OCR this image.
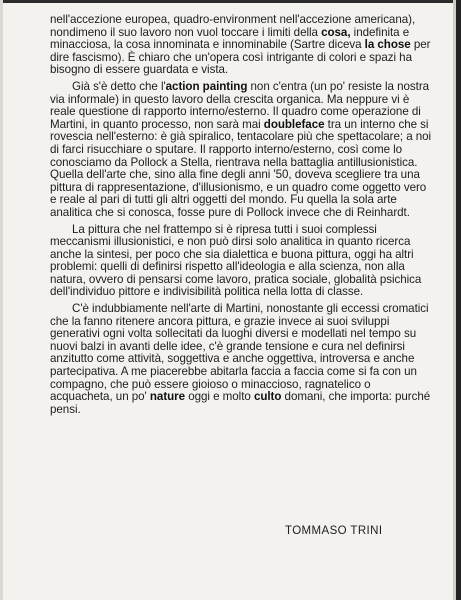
nell'accezione europea, quadro-environment nell'accezione americana), nondimeno il suo lavoro non vuol toccare i limiti della cosa, indefinita e minacciosa, la cosa innominata e innominabile (Sartre diceva la chose per dire fascismo). È chiaro che un'opera così intrigante di colori e spazi ha bisogno di essere guardata e vista.

Già s'è detto che l'action painting non c'entra (un po' resiste la nostra via informale) in questo lavoro della crescita organica. Ma neppure vi è reale questione di rapporto interno/esterno. Il quadro come operazione di Martini, in quanto processo, non sarà mai doubleface tra un interno che si rovescia nell'esterno: è già spiralico, tentacolare più che spettacolare; a noi di farci risucchiare o sputare. Il rapporto interno/esterno, così come lo conosciamo da Pollock a Stella, rientrava nella battaglia antillusionistica. Quella dell'arte che, sino alla fine degli anni '50, doveva scegliere tra una pittura di rappresentazione, d'illusionismo, e un quadro come oggetto vero e reale al pari di tutti gli altri oggetti del mondo. Fu quella la sola arte analitica che si conosca, fosse pure di Pollock invece che di Reinhardt.

La pittura che nel frattempo si è ripresa tutti i suoi complessi meccanismi illusionistici, e non può dirsi solo analitica in quanto ricerca anche la sintesi, per poco che sia dialettica e buona pittura, oggi ha altri problemi: quelli di definirsi rispetto all'ideologia e alla scienza, non alla natura, ovvero di pensarsi come lavoro, pratica sociale, globalità psichica dell'individuo pittore e indivisibilità politica nella lotta di classe.

C'è indubbiamente nell'arte di Martini, nonostante gli eccessi cromatici che la fanno ritenere ancora pittura, e grazie invece ai suoi sviluppi generativi ogni volta sollecitati da luoghi diversi e modellati nel tempo su nuovi balzi in avanti delle idee, c'è grande tensione e cura nel definirsi anzitutto come attività, soggettiva e anche oggettiva, introversa e anche partecipativa. A me piacerebbe abitarla faccia a faccia come si fa con un compagno, che può essere gioioso o minaccioso, ragnatelico o acquacheta, un po' nature oggi e molto culto domani, che importa: purché pensi.

TOMMASO TRINI
